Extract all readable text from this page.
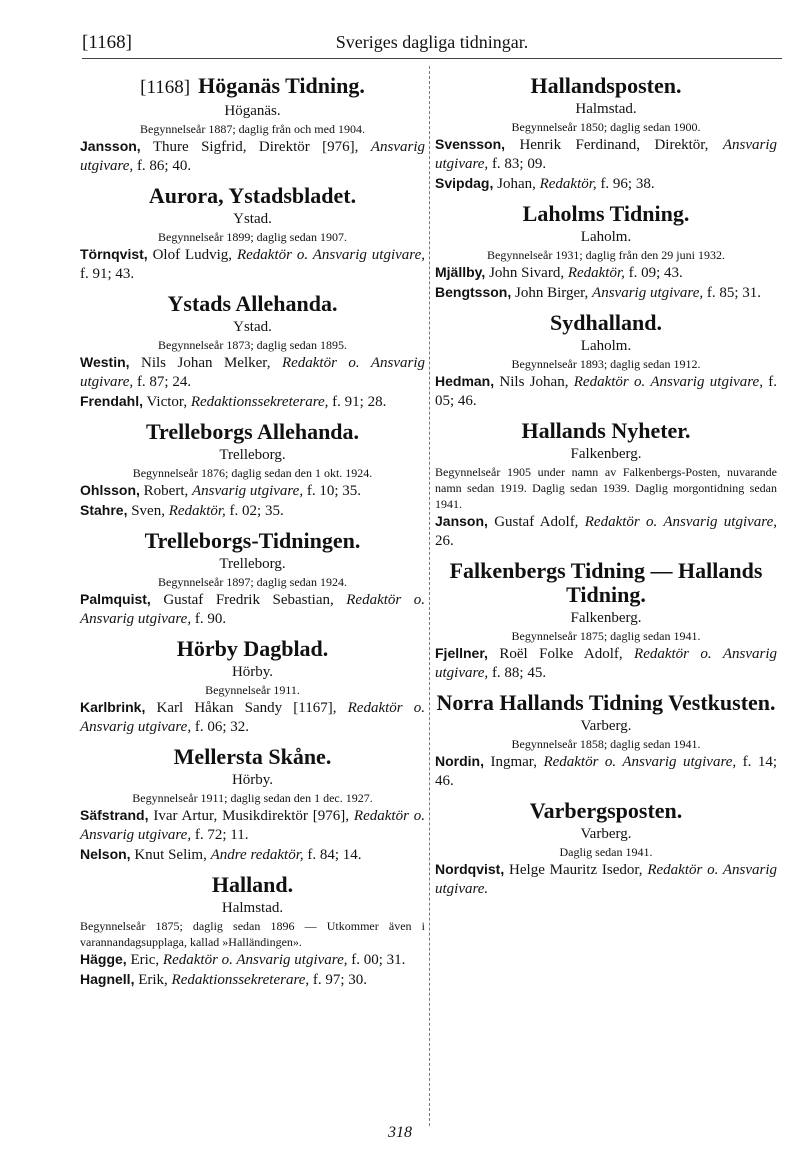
[1168]	Sveriges dagliga tidningar.
[1168] Höganäs Tidning.
Höganäs.
Begynnelseår 1887; daglig från och med 1904.
Jansson, Thure Sigfrid, Direktör [976], Ansvarig utgivare, f. 86; 40.
Aurora, Ystadsbladet.
Ystad.
Begynnelseår 1899; daglig sedan 1907.
Törnqvist, Olof Ludvig, Redaktör o. Ansvarig utgivare, f. 91; 43.
Ystads Allehanda.
Ystad.
Begynnelseår 1873; daglig sedan 1895.
Westin, Nils Johan Melker, Redaktör o. Ansvarig utgivare, f. 87; 24.
Frendahl, Victor, Redaktionssekreterare, f. 91; 28.
Trelleborgs Allehanda.
Trelleborg.
Begynnelseår 1876; daglig sedan den 1 okt. 1924.
Ohlsson, Robert, Ansvarig utgivare, f. 10; 35.
Stahre, Sven, Redaktör, f. 02; 35.
Trelleborgs-Tidningen.
Trelleborg.
Begynnelseår 1897; daglig sedan 1924.
Palmquist, Gustaf Fredrik Sebastian, Redaktör o. Ansvarig utgivare, f. 90.
Hörby Dagblad.
Hörby.
Begynnelseår 1911.
Karlbrink, Karl Håkan Sandy [1167], Redaktör o. Ansvarig utgivare, f. 06; 32.
Mellersta Skåne.
Hörby.
Begynnelseår 1911; daglig sedan den 1 dec. 1927.
Säfstrand, Ivar Artur, Musikdirektör [976], Redaktör o. Ansvarig utgivare, f. 72; 11.
Nelson, Knut Selim, Andre redaktör, f. 84; 14.
Halland.
Halmstad.
Begynnelseår 1875; daglig sedan 1896 — Utkommer även i varannandagsupplaga, kallad »Halländingen».
Hägge, Eric, Redaktör o. Ansvarig utgivare, f. 00; 31.
Hagnell, Erik, Redaktionssekreterare, f. 97; 30.
Hallandsposten.
Halmstad.
Begynnelseår 1850; daglig sedan 1900.
Svensson, Henrik Ferdinand, Direktör, Ansvarig utgivare, f. 83; 09.
Svipdag, Johan, Redaktör, f. 96; 38.
Laholms Tidning.
Laholm.
Begynnelseår 1931; daglig från den 29 juni 1932.
Mjällby, John Sivard, Redaktör, f. 09; 43.
Bengtsson, John Birger, Ansvarig utgivare, f. 85; 31.
Sydhalland.
Laholm.
Begynnelseår 1893; daglig sedan 1912.
Hedman, Nils Johan, Redaktör o. Ansvarig utgivare, f. 05; 46.
Hallands Nyheter.
Falkenberg.
Begynnelseår 1905 under namn av Falkenbergs-Posten, nuvarande namn sedan 1919. Daglig sedan 1939. Daglig morgontidning sedan 1941.
Janson, Gustaf Adolf, Redaktör o. Ansvarig utgivare, 26.
Falkenbergs Tidning — Hallands Tidning.
Falkenberg.
Begynnelseår 1875; daglig sedan 1941.
Fjellner, Roël Folke Adolf, Redaktör o. Ansvarig utgivare, f. 88; 45.
Norra Hallands Tidning Vestkusten.
Varberg.
Begynnelseår 1858; daglig sedan 1941.
Nordin, Ingmar, Redaktör o. Ansvarig utgivare, f. 14; 46.
Varbergsposten.
Varberg.
Daglig sedan 1941.
Nordqvist, Helge Mauritz Isedor, Redaktör o. Ansvarig utgivare.
318
